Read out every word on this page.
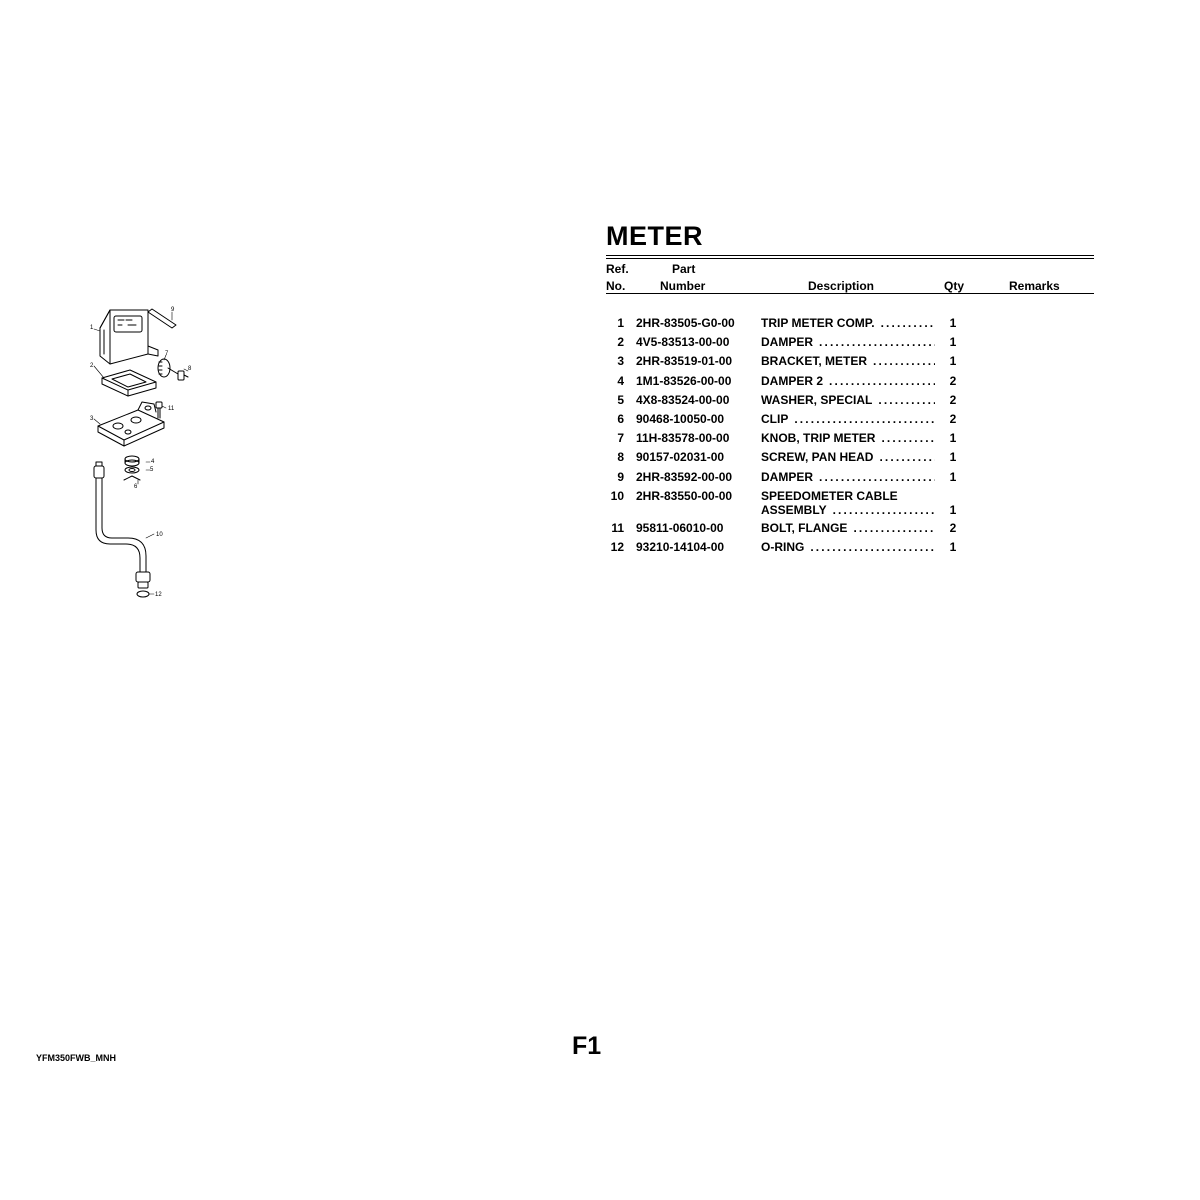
METER
Ref.
No.
Part
Number	Description	Qty	Remarks
1 2HR-83505-G0-00 TRIP METER COMP. . . .	1
2 4V5-83513-00-00	DAMPER . . .	1
3 2HR-83519-01-00 BRACKET, METER . . .	1
4 1M1-83526-00-00 DAMPER 2 . . .	2
5 4X8-83524-00-00	WASHER, SPECIAL . . .	2
6 90468-10050-00	CLIP . . .	2
7 11H-83578-00-00	KNOB, TRIP METER . . .	1
8 90157-02031-00	SCREW, PAN HEAD . . .	1
9 2HR-83592-00-00 DAMPER . . .	1
10 2HR-83550-00-00 SPEEDOMETER CABLE
ASSEMBLY . . .	1
11 95811-06010-00	BOLT, FLANGE . . .	2
12 93210-14104-00	O-RING . . .	1
1
2
3
4
5
6
7
8
9
10
11
12
F1
YFM350FWB_MNH
